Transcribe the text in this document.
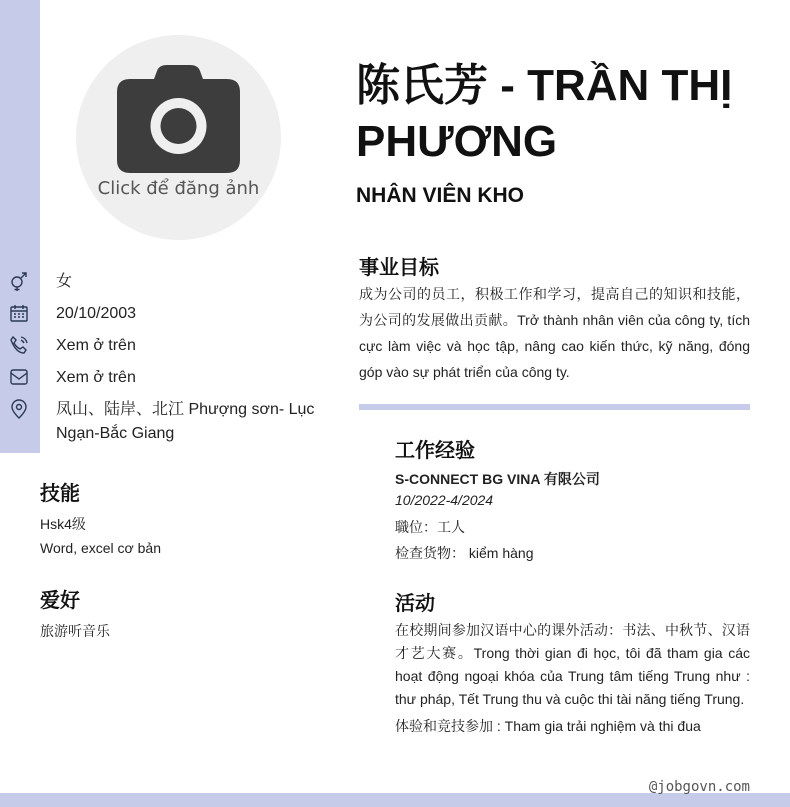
Click để đăng ảnh
女
20/10/2003
Xem ở trên
Xem ở trên
凤山、陆岸、北江 Phượng sơn- Lục Ngạn-Bắc Giang
技能
Hsk4级
Word, excel cơ bản
爱好
旅游听音乐
陈氏芳 - TRẦN THỊ PHƯƠNG
NHÂN VIÊN KHO
事业目标
成为公司的员工，积极工作和学习，提高自己的知识和技能，为公司的发展做出贡献。Trở thành nhân viên của công ty, tích cực làm việc và học tập, nâng cao kiến thức, kỹ năng, đóng góp vào sự phát triển của công ty.
工作经验
S-CONNECT BG VINA 有限公司
10/2022-4/2024
職位：工人
检查货物： kiểm hàng
活动
在校期间参加汉语中心的课外活动：书法、中秋节、汉语才艺大赛。Trong thời gian đi học, tôi đã tham gia các hoạt động ngoại khóa của Trung tâm tiếng Trung như : thư pháp, Tết Trung thu và cuộc thi tài năng tiếng Trung.
体验和竞技参加 : Tham gia trải nghiệm và thi đua
@jobgovn.com
